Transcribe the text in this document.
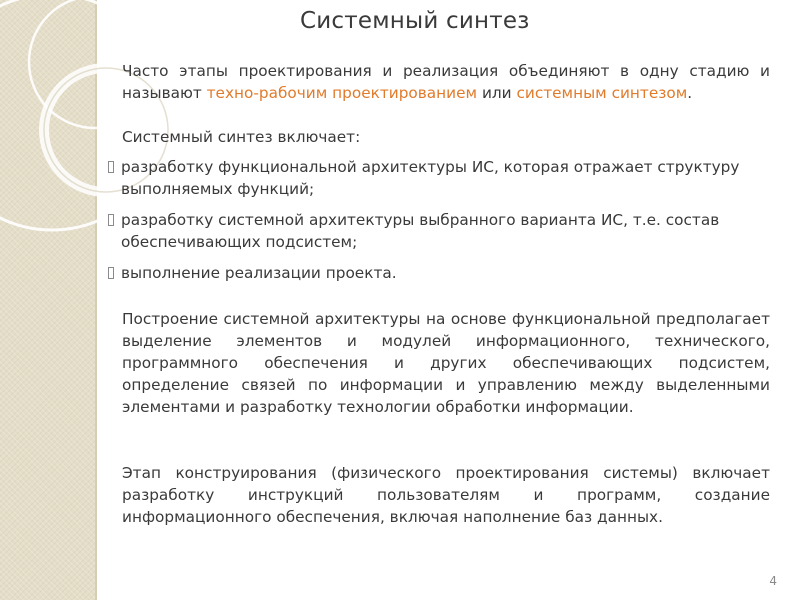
Системный синтез

Часто этапы проектирования и реализация объединяют в одну стадию и называют техно-рабочим проектированием или системным синтезом.

Системный синтез включает:
разработку функциональной архитектуры ИС, которая отражает структуру выполняемых функций;
разработку системной архитектуры выбранного варианта ИС, т.е. состав обеспечивающих подсистем;
выполнение реализации проекта.

Построение системной архитектуры на основе функциональной предполагает выделение элементов и модулей информационного, технического, программного обеспечения и других обеспечивающих подсистем, определение связей по информации и управлению между выделенными элементами и разработку технологии обработки информации.

Этап конструирования (физического проектирования системы) включает разработку инструкций пользователям и программ, создание информационного обеспечения, включая наполнение баз данных.

4
